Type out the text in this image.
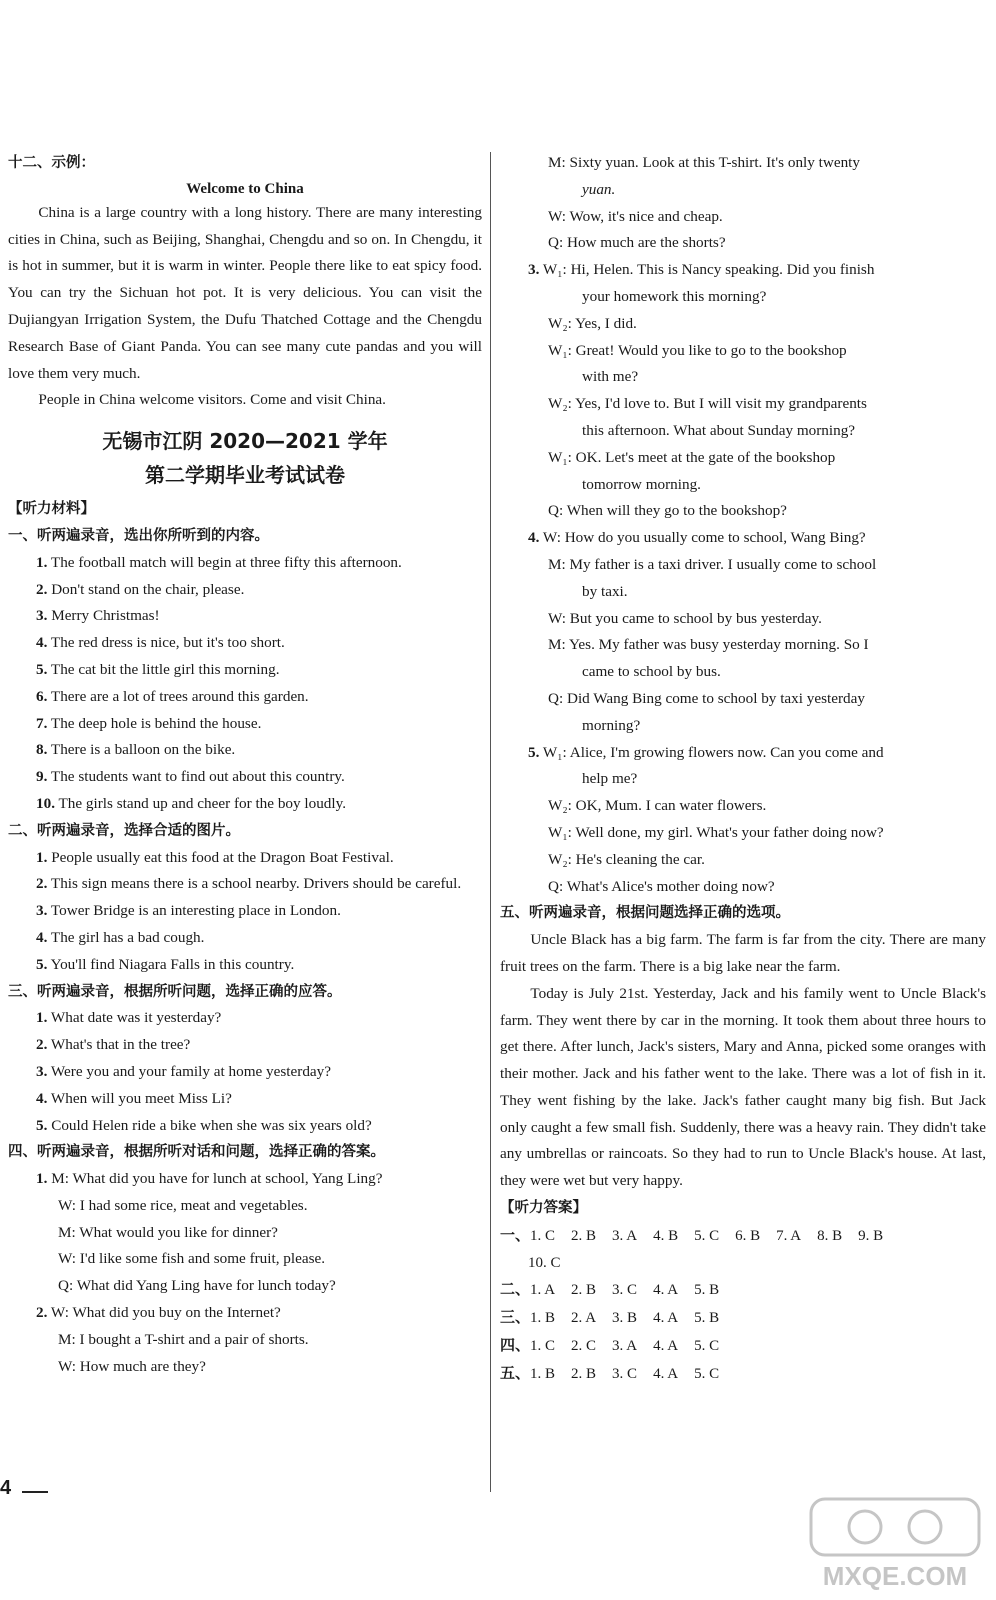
十二、示例：
Welcome to China
China is a large country with a long history. There are many interesting cities in China, such as Beijing, Shanghai, Chengdu and so on. In Chengdu, it is hot in summer, but it is warm in winter. People there like to eat spicy food. You can try the Sichuan hot pot. It is very delicious. You can visit the Dujiangyan Irrigation System, the Dufu Thatched Cottage and the Chengdu Research Base of Giant Panda. You can see many cute pandas and you will love them very much.
People in China welcome visitors. Come and visit China.
无锡市江阴 2020—2021 学年
第二学期毕业考试试卷
【听力材料】
一、听两遍录音，选出你所听到的内容。
1. The football match will begin at three fifty this afternoon.
2. Don't stand on the chair, please.
3. Merry Christmas!
4. The red dress is nice, but it's too short.
5. The cat bit the little girl this morning.
6. There are a lot of trees around this garden.
7. The deep hole is behind the house.
8. There is a balloon on the bike.
9. The students want to find out about this country.
10. The girls stand up and cheer for the boy loudly.
二、听两遍录音，选择合适的图片。
1. People usually eat this food at the Dragon Boat Festival.
2. This sign means there is a school nearby. Drivers should be careful.
3. Tower Bridge is an interesting place in London.
4. The girl has a bad cough.
5. You'll find Niagara Falls in this country.
三、听两遍录音，根据所听问题，选择正确的应答。
1. What date was it yesterday?
2. What's that in the tree?
3. Were you and your family at home yesterday?
4. When will you meet Miss Li?
5. Could Helen ride a bike when she was six years old?
四、听两遍录音，根据所听对话和问题，选择正确的答案。
1. M: What did you have for lunch at school, Yang Ling?
W: I had some rice, meat and vegetables.
M: What would you like for dinner?
W: I'd like some fish and some fruit, please.
Q: What did Yang Ling have for lunch today?
2. W: What did you buy on the Internet?
M: I bought a T-shirt and a pair of shorts.
W: How much are they?
M: Sixty yuan. Look at this T-shirt. It's only twenty
yuan.
W: Wow, it's nice and cheap.
Q: How much are the shorts?
3. W₁: Hi, Helen. This is Nancy speaking. Did you finish
your homework this morning?
W₂: Yes, I did.
W₁: Great! Would you like to go to the bookshop
with me?
W₂: Yes, I'd love to. But I will visit my grandparents
this afternoon. What about Sunday morning?
W₁: OK. Let's meet at the gate of the bookshop
tomorrow morning.
Q: When will they go to the bookshop?
4. W: How do you usually come to school, Wang Bing?
M: My father is a taxi driver. I usually come to school
by taxi.
W: But you came to school by bus yesterday.
M: Yes. My father was busy yesterday morning. So I
came to school by bus.
Q: Did Wang Bing come to school by taxi yesterday
morning?
5. W₁: Alice, I'm growing flowers now. Can you come and
help me?
W₂: OK, Mum. I can water flowers.
W₁: Well done, my girl. What's your father doing now?
W₂: He's cleaning the car.
Q: What's Alice's mother doing now?
五、听两遍录音，根据问题选择正确的选项。
Uncle Black has a big farm. The farm is far from the city. There are many fruit trees on the farm. There is a big lake near the farm.
Today is July 21st. Yesterday, Jack and his family went to Uncle Black's farm. They went there by car in the morning. It took them about three hours to get there. After lunch, Jack's sisters, Mary and Anna, picked some oranges with their mother. Jack and his father went to the lake. There was a lot of fish in it. They went fishing by the lake. Jack's father caught many big fish. But Jack only caught a few small fish. Suddenly, there was a heavy rain. They didn't take any umbrellas or raincoats. So they had to run to Uncle Black's house. At last, they were wet but very happy.
【听力答案】
一、1. C 2. B 3. A 4. B 5. C 6. B 7. A 8. B 9. B
10. C
二、1. A 2. B 3. C 4. A 5. B
三、1. B 2. A 3. B 4. A 5. B
四、1. C 2. C 3. A 4. A 5. C
五、1. B 2. B 3. C 4. A 5. C
4
MXQE.COM
